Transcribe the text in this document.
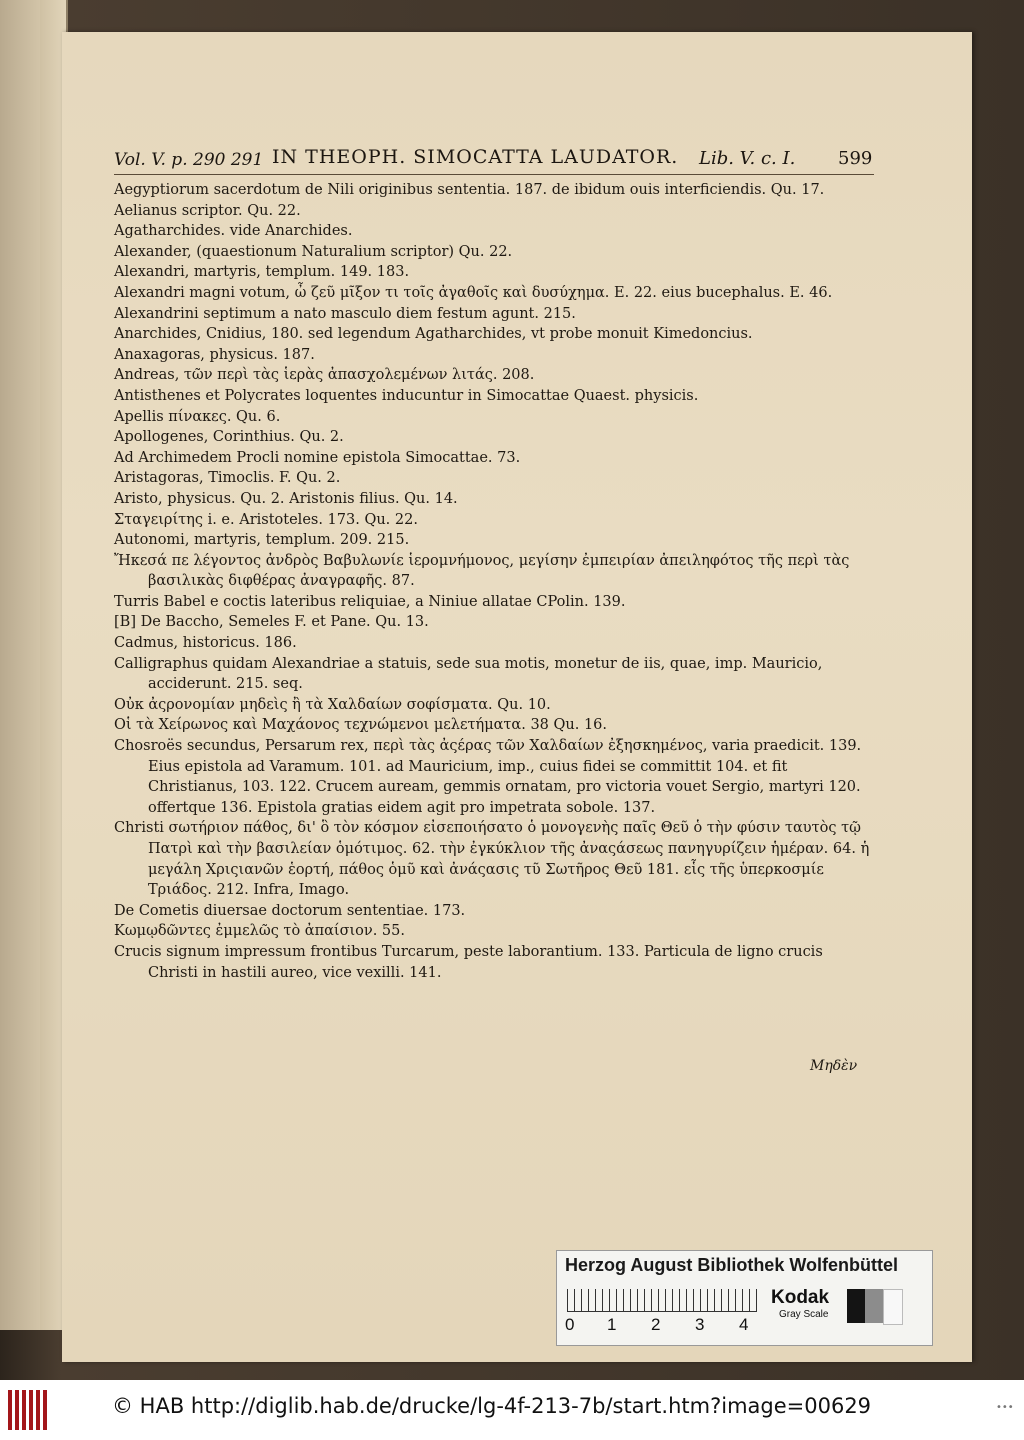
Vol. V. p. 290 291 IN THEOPH. SIMOCATTA LAUDATOR. Lib. V. c. I. 599

Aegyptiorum sacerdotum de Nili originibus sententia. 187. de ibidum ouis interficiendis. Qu. 17.

Aelianus scriptor. Qu. 22.

Agatharchides. vide Anarchides.

Alexander, (quaestionum Naturalium scriptor) Qu. 22.

Alexandri, martyris, templum. 149. 183.

Alexandri magni votum, ὦ ζεῦ μῖξον τι τοῖς ἀγαθοῖς καὶ δυσύχημα. E. 22. eius bucephalus. E. 46.

Alexandrini septimum a nato masculo diem festum agunt. 215.

Anarchides, Cnidius, 180. sed legendum Agatharchides, vt probe monuit Kimedoncius.

Anaxagoras, physicus. 187.

Andreas, τῶν περὶ τὰς ἱερὰς ἀπασχολεμένων λιτάς. 208.

Antisthenes et Polycrates loquentes inducuntur in Simocattae Quaest. physicis.

Apellis πίνακες. Qu. 6.

Apollogenes, Corinthius. Qu. 2.

Ad Archimedem Procli nomine epistola Simocattae. 73.

Aristagoras, Timoclis. F. Qu. 2.

Aristo, physicus. Qu. 2. Aristonis filius. Qu. 14.

Σταγειρίτης i. e. Aristoteles. 173. Qu. 22.

Autonomi, martyris, templum. 209. 215.

Ἤκεσά πε λέγοντος ἀνδρὸς Βαβυλωνίε ἱερομνήμονος, μεγίσην ἐμπειρίαν ἀπειληφότος τῆς περὶ τὰς βασιλικὰς διφθέρας ἀναγραφῆς. 87.

Turris Babel e coctis lateribus reliquiae, a Niniue allatae CPolin. 139.

[B] De Baccho, Semeles F. et Pane. Qu. 13.

Cadmus, historicus. 186.

Calligraphus quidam Alexandriae a statuis, sede sua motis, monetur de iis, quae, imp. Mauricio, acciderunt. 215. seq.

Οὐκ ἀςρονομίαν μηδεὶς ἢ τὰ Χαλδαίων σοφίσματα. Qu. 10.

Οἱ τὰ Χείρωνος καὶ Μαχάονος τεχνώμενοι μελετήματα. 38 Qu. 16.

Chosroës secundus, Persarum rex, περὶ τὰς ἀςέρας τῶν Χαλδαίων ἐξησκημένος, varia praedicit. 139. Eius epistola ad Varamum. 101. ad Mauricium, imp., cuius fidei se committit 104. et fit Christianus, 103. 122. Crucem auream, gemmis ornatam, pro victoria vouet Sergio, martyri 120. offertque 136. Epistola gratias eidem agit pro impetrata sobole. 137.

Christi σωτήριον πάθος, δι' ὃ τὸν κόσμον εἰσεποιήσατο ὁ μονογενὴς παῖς Θεῦ ὁ τὴν φύσιν ταυτὸς τῷ Πατρὶ καὶ τὴν βασιλείαν ὁμότιμος. 62. τὴν ἐγκύκλιον τῆς ἀναςάσεως πανηγυρίζειν ἡμέραν. 64. ἡ μεγάλη Χριςιανῶν ἑορτή, πάθος ὁμῦ καὶ ἀνάςασις τῦ Σωτῆρος Θεῦ 181. εἷς τῆς ὑπερκοσμίε Τριάδος. 212. Infra, Imago.

De Cometis diuersae doctorum sententiae. 173.

Κωμῳδῶντες ἐμμελῶς τὸ ἀπαίσιον. 55.

Crucis signum impressum frontibus Turcarum, peste laborantium. 133. Particula de ligno crucis Christi in hastili aureo, vice vexilli. 141.

Μηδὲν
Herzog August Bibliothek Wolfenbüttel
0 1 2 3 4
Kodak
Gray Scale
© HAB http://diglib.hab.de/drucke/lg-4f-213-7b/start.htm?image=00629	•••
